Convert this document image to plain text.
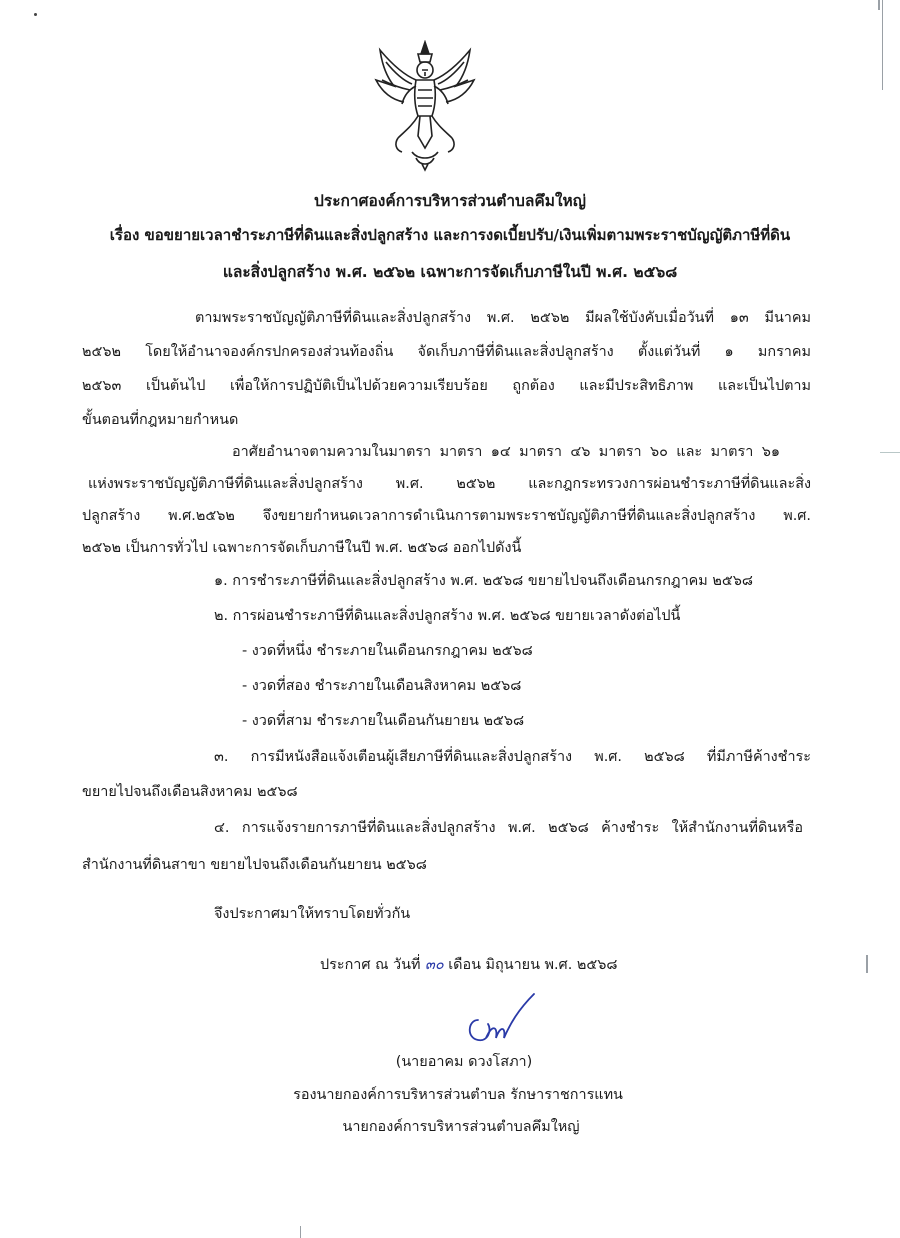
ประกาศองค์การบริหารส่วนตำบลคึมใหญ่
เรื่อง ขอขยายเวลาชำระภาษีที่ดินและสิ่งปลูกสร้าง และการงดเบี้ยปรับ/เงินเพิ่มตามพระราชบัญญัติภาษีที่ดิน
และสิ่งปลูกสร้าง พ.ศ. ๒๕๖๒ เฉพาะการจัดเก็บภาษีในปี พ.ศ. ๒๕๖๘
ตามพระราชบัญญัติภาษีที่ดินและสิ่งปลูกสร้าง พ.ศ. ๒๕๖๒ มีผลใช้บังคับเมื่อวันที่ ๑๓ มีนาคม
๒๕๖๒ โดยให้อำนาจองค์กรปกครองส่วนท้องถิ่น จัดเก็บภาษีที่ดินและสิ่งปลูกสร้าง ตั้งแต่วันที่ ๑ มกราคม
๒๕๖๓ เป็นต้นไป เพื่อให้การปฏิบัติเป็นไปด้วยความเรียบร้อย ถูกต้อง และมีประสิทธิภาพ และเป็นไปตาม
ขั้นตอนที่กฎหมายกำหนด
อาศัยอำนาจตามความในมาตรา มาตรา ๑๔ มาตรา ๔๖ มาตรา ๖๐ และ มาตรา ๖๑
แห่งพระราชบัญญัติภาษีที่ดินและสิ่งปลูกสร้าง พ.ศ. ๒๕๖๒ และกฎกระทรวงการผ่อนชำระภาษีที่ดินและสิ่ง
ปลูกสร้าง พ.ศ.๒๕๖๒ จึงขยายกำหนดเวลาการดำเนินการตามพระราชบัญญัติภาษีที่ดินและสิ่งปลูกสร้าง พ.ศ.
๒๕๖๒ เป็นการทั่วไป เฉพาะการจัดเก็บภาษีในปี พ.ศ. ๒๕๖๘ ออกไปดังนี้
๑. การชำระภาษีที่ดินและสิ่งปลูกสร้าง พ.ศ. ๒๕๖๘ ขยายไปจนถึงเดือนกรกฎาคม ๒๕๖๘
๒. การผ่อนชำระภาษีที่ดินและสิ่งปลูกสร้าง พ.ศ. ๒๕๖๘ ขยายเวลาดังต่อไปนี้
- งวดที่หนึ่ง ชำระภายในเดือนกรกฎาคม ๒๕๖๘
- งวดที่สอง ชำระภายในเดือนสิงหาคม ๒๕๖๘
- งวดที่สาม ชำระภายในเดือนกันยายน ๒๕๖๘
๓. การมีหนังสือแจ้งเตือนผู้เสียภาษีที่ดินและสิ่งปลูกสร้าง พ.ศ. ๒๕๖๘ ที่มีภาษีค้างชำระ
ขยายไปจนถึงเดือนสิงหาคม ๒๕๖๘
๔. การแจ้งรายการภาษีที่ดินและสิ่งปลูกสร้าง พ.ศ. ๒๕๖๘ ค้างชำระ ให้สำนักงานที่ดินหรือ
สำนักงานที่ดินสาขา ขยายไปจนถึงเดือนกันยายน ๒๕๖๘
จึงประกาศมาให้ทราบโดยทั่วกัน
ประกาศ ณ วันที่ ๓๐ เดือน มิถุนายน พ.ศ. ๒๕๖๘
(นายอาคม ดวงโสภา)
รองนายกองค์การบริหารส่วนตำบล รักษาราชการแทน
นายกองค์การบริหารส่วนตำบลคึมใหญ่
